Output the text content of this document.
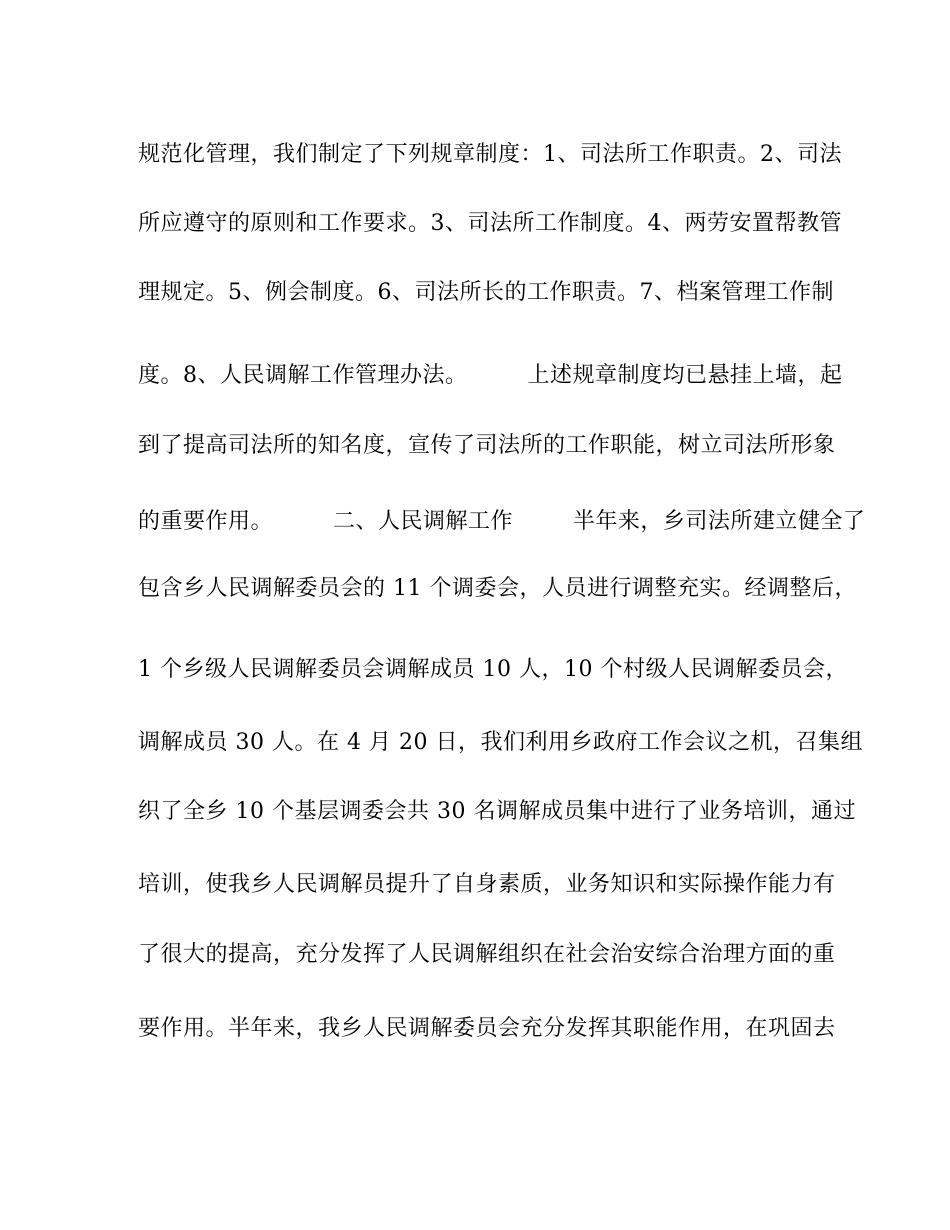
规范化管理，我们制定了下列规章制度：1、司法所工作职责。2、司法
所应遵守的原则和工作要求。3、司法所工作制度。4、两劳安置帮教管
理规定。5、例会制度。6、司法所长的工作职责。7、档案管理工作制
度。8、人民调解工作管理办法。        上述规章制度均已悬挂上墙，起
到了提高司法所的知名度，宣传了司法所的工作职能，树立司法所形象
的重要作用。        二、人民调解工作        半年来，乡司法所建立健全了
包含乡人民调解委员会的 11 个调委会，人员进行调整充实。经调整后，
1 个乡级人民调解委员会调解成员 10 人，10 个村级人民调解委员会，
调解成员 30 人。在 4 月 20 日，我们利用乡政府工作会议之机，召集组
织了全乡 10 个基层调委会共 30 名调解成员集中进行了业务培训，通过
培训，使我乡人民调解员提升了自身素质，业务知识和实际操作能力有
了很大的提高，充分发挥了人民调解组织在社会治安综合治理方面的重
要作用。半年来，我乡人民调解委员会充分发挥其职能作用，在巩固去
